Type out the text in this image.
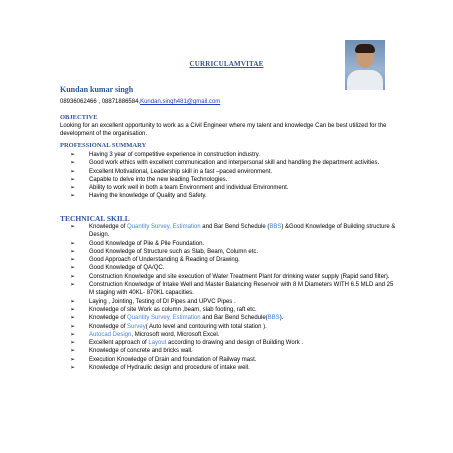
CURRICULAMVITAE
Kundan kumar singh
08936062466 , 08871886584,Kundan.singh481@gmail.com
OBJECTIVE
Looking for an excellent opportunity to work as a Civil Engineer where my talent and knowledge Can be best utilized for the development of the organisation.
PROFESSIONAL SUMMARY
➢ Having 3 year of competitive experience in construction industry.
➢ Good work ethics with excellent communication and interpersonal skill and handling the department activities.
➢ Excellent Motivational, Leadership skill in a fast –paced environment.
➢ Capable to delve into the new leading Technologies.
➢ Ability to work well in both a team Environment and individual Environment.
➢ Having the knowledge of Quality and Safety.
TECHNICAL SKILL
➢ Knowledge of Quantity Survey, Estimation and Bar Bend Schedule (BBS) &Good Knowledge of Building structure & Design.
➢ Good Knowledge of Pile & Pile Foundation.
➢ Good Knowledge of Structure such as Slab, Beam, Column etc.
➢ Good Approach of Understanding & Reading of Drawing.
➢ Good Knowledge of QA/QC.
➢ Construction Knowledge and site execution of Water Treatment Plant for drinking water supply (Rapid sand filter).
➢ Construction Knowledge of Intake Well and Master Balancing Reservoir with 8 M Diameters WITH 6.5 MLD and 25 M staging with 40KL- 870KL capacities.
➢ Laying , Jointing, Testing of DI Pipes and UPVC Pipes .
➢ Knowledge of site Work as column ,beam, slab footing, raft etc.
➢ Knowledge of Quantity Survey, Estimation and Bar Bend Schedule(BBS).
➢ Knowledge of Survey( Auto level and contouring with total station ).
➢ Autocad Design, Microsoft word, Microsoft Excel.
➢ Excellent approach of Layout according to drawing and design of Building Work .
➢ Knowledge of concrete and bricks wall.
➢ Execution Knowledge of Drain and foundation of Railway mast.
➢ Knowledge of Hydraulic design and procedure of intake well.
